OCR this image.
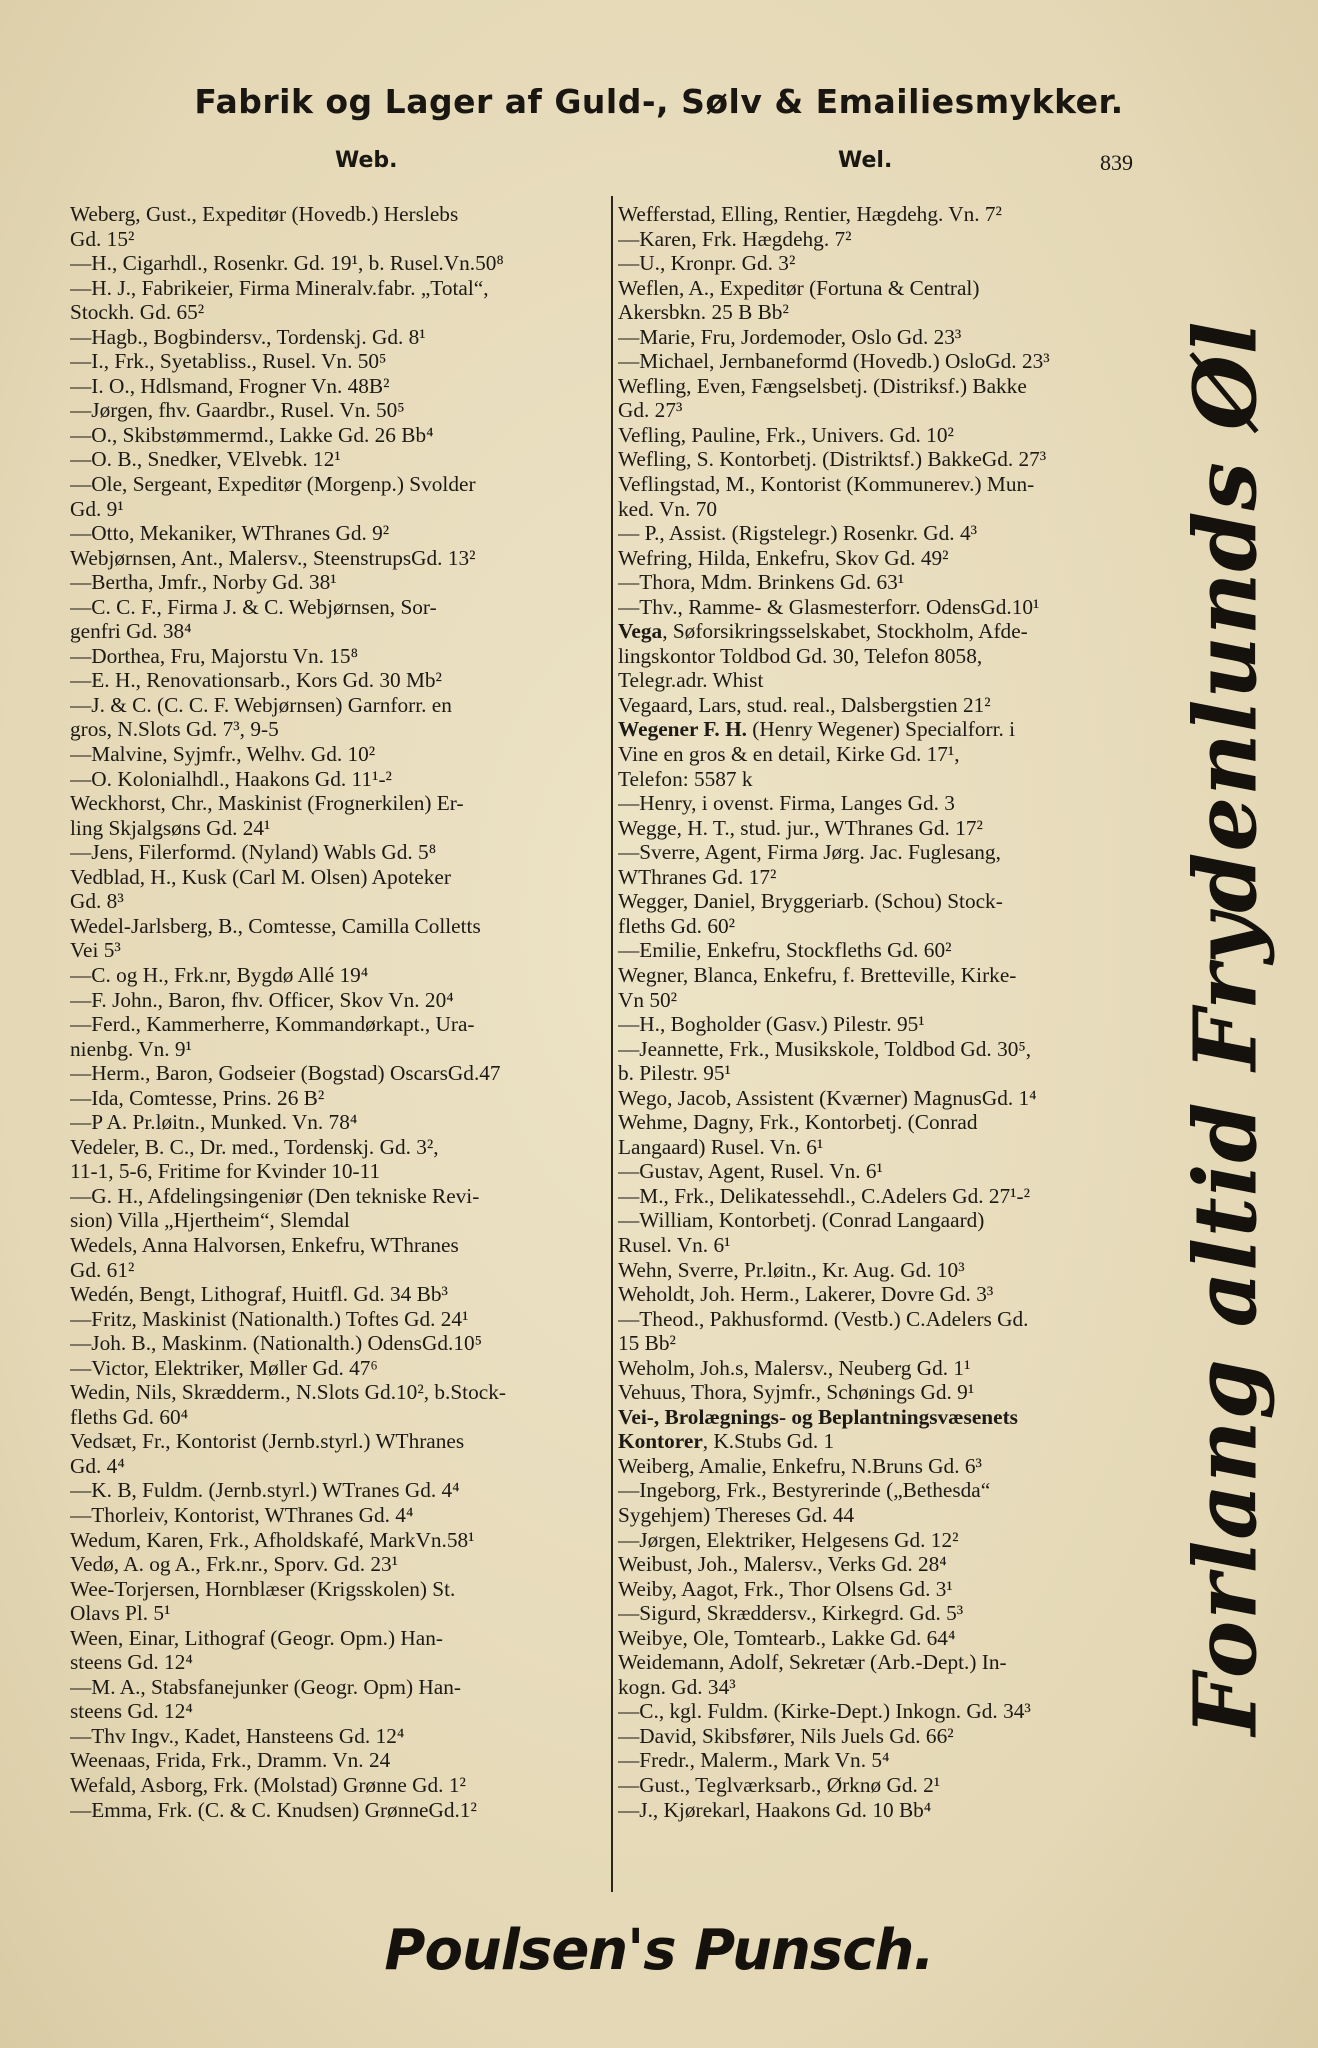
Fabrik og Lager af Guld-, Sølv & Emailiesmykker.
Web.	Wel.	839
Weberg, Gust., Expeditør (Hovedb.) Herslebs
Gd. 15²
—H., Cigarhdl., Rosenkr. Gd. 19¹, b. Rusel.Vn.50⁸
—H. J., Fabrikeier, Firma Mineralv.fabr. „Total“,
Stockh. Gd. 65²
—Hagb., Bogbindersv., Tordenskj. Gd. 8¹
—I., Frk., Syetabliss., Rusel. Vn. 50⁵
—I. O., Hdlsmand, Frogner Vn. 48B²
—Jørgen, fhv. Gaardbr., Rusel. Vn. 50⁵
—O., Skibstømmermd., Lakke Gd. 26 Bb⁴
—O. B., Snedker, VElvebk. 12¹
—Ole, Sergeant, Expeditør (Morgenp.) Svolder
Gd. 9¹
—Otto, Mekaniker, WThranes Gd. 9²
Webjørnsen, Ant., Malersv., SteenstrupsGd. 13²
—Bertha, Jmfr., Norby Gd. 38¹
—C. C. F., Firma J. & C. Webjørnsen, Sor-
genfri Gd. 38⁴
—Dorthea, Fru, Majorstu Vn. 15⁸
—E. H., Renovationsarb., Kors Gd. 30 Mb²
—J. & C. (C. C. F. Webjørnsen) Garnforr. en
gros, N.Slots Gd. 7³, 9-5
—Malvine, Syjmfr., Welhv. Gd. 10²
—O. Kolonialhdl., Haakons Gd. 11¹-²
Weckhorst, Chr., Maskinist (Frognerkilen) Er-
ling Skjalgsøns Gd. 24¹
—Jens, Filerformd. (Nyland) Wabls Gd. 5⁸
Vedblad, H., Kusk (Carl M. Olsen) Apoteker
Gd. 8³
Wedel-Jarlsberg, B., Comtesse, Camilla Colletts
Vei 5³
—C. og H., Frk.nr, Bygdø Allé 19⁴
—F. John., Baron, fhv. Officer, Skov Vn. 20⁴
—Ferd., Kammerherre, Kommandørkapt., Ura-
nienbg. Vn. 9¹
—Herm., Baron, Godseier (Bogstad) OscarsGd.47
—Ida, Comtesse, Prins. 26 B²
—P A. Pr.løitn., Munked. Vn. 78⁴
Vedeler, B. C., Dr. med., Tordenskj. Gd. 3²,
11-1, 5-6, Fritime for Kvinder 10-11
—G. H., Afdelingsingeniør (Den tekniske Revi-
sion) Villa „Hjertheim“, Slemdal
Wedels, Anna Halvorsen, Enkefru, WThranes
Gd. 61²
Wedén, Bengt, Lithograf, Huitfl. Gd. 34 Bb³
—Fritz, Maskinist (Nationalth.) Toftes Gd. 24¹
—Joh. B., Maskinm. (Nationalth.) OdensGd.10⁵
—Victor, Elektriker, Møller Gd. 47⁶
Wedin, Nils, Skrædderm., N.Slots Gd.10², b.Stock-
fleths Gd. 60⁴
Vedsæt, Fr., Kontorist (Jernb.styrl.) WThranes
Gd. 4⁴
—K. B, Fuldm. (Jernb.styrl.) WTranes Gd. 4⁴
—Thorleiv, Kontorist, WThranes Gd. 4⁴
Wedum, Karen, Frk., Afholdskafé, MarkVn.58¹
Vedø, A. og A., Frk.nr., Sporv. Gd. 23¹
Wee-Torjersen, Hornblæser (Krigsskolen) St.
Olavs Pl. 5¹
Ween, Einar, Lithograf (Geogr. Opm.) Han-
steens Gd. 12⁴
—M. A., Stabsfanejunker (Geogr. Opm) Han-
steens Gd. 12⁴
—Thv Ingv., Kadet, Hansteens Gd. 12⁴
Weenaas, Frida, Frk., Dramm. Vn. 24
Wefald, Asborg, Frk. (Molstad) Grønne Gd. 1²
—Emma, Frk. (C. & C. Knudsen) GrønneGd.1²
Wefferstad, Elling, Rentier, Hægdehg. Vn. 7²
—Karen, Frk. Hægdehg. 7²
—U., Kronpr. Gd. 3²
Weflen, A., Expeditør (Fortuna & Central)
Akersbkn. 25 B Bb²
—Marie, Fru, Jordemoder, Oslo Gd. 23³
—Michael, Jernbaneformd (Hovedb.) OsloGd. 23³
Wefling, Even, Fængselsbetj. (Distriksf.) Bakke
Gd. 27³
Vefling, Pauline, Frk., Univers. Gd. 10²
Wefling, S. Kontorbetj. (Distriktsf.) BakkeGd. 27³
Veflingstad, M., Kontorist (Kommunerev.) Mun-
ked. Vn. 70
— P., Assist. (Rigstelegr.) Rosenkr. Gd. 4³
Wefring, Hilda, Enkefru, Skov Gd. 49²
—Thora, Mdm. Brinkens Gd. 63¹
—Thv., Ramme- & Glasmesterforr. OdensGd.10¹
Vega, Søforsikringsselskabet, Stockholm, Afde-
lingskontor Toldbod Gd. 30, Telefon 8058,
Telegr.adr. Whist
Vegaard, Lars, stud. real., Dalsbergstien 21²
Wegener F. H. (Henry Wegener) Specialforr. i
Vine en gros & en detail, Kirke Gd. 17¹,
Telefon: 5587 k
—Henry, i ovenst. Firma, Langes Gd. 3
Wegge, H. T., stud. jur., WThranes Gd. 17²
—Sverre, Agent, Firma Jørg. Jac. Fuglesang,
WThranes Gd. 17²
Wegger, Daniel, Bryggeriarb. (Schou) Stock-
fleths Gd. 60²
—Emilie, Enkefru, Stockfleths Gd. 60²
Wegner, Blanca, Enkefru, f. Bretteville, Kirke-
Vn 50²
—H., Bogholder (Gasv.) Pilestr. 95¹
—Jeannette, Frk., Musikskole, Toldbod Gd. 30⁵,
b. Pilestr. 95¹
Wego, Jacob, Assistent (Kværner) MagnusGd. 1⁴
Wehme, Dagny, Frk., Kontorbetj. (Conrad
Langaard) Rusel. Vn. 6¹
—Gustav, Agent, Rusel. Vn. 6¹
—M., Frk., Delikatessehdl., C.Adelers Gd. 27¹-²
—William, Kontorbetj. (Conrad Langaard)
Rusel. Vn. 6¹
Wehn, Sverre, Pr.løitn., Kr. Aug. Gd. 10³
Weholdt, Joh. Herm., Lakerer, Dovre Gd. 3³
—Theod., Pakhusformd. (Vestb.) C.Adelers Gd.
15 Bb²
Weholm, Joh.s, Malersv., Neuberg Gd. 1¹
Vehuus, Thora, Syjmfr., Schønings Gd. 9¹
Vei-, Brolægnings- og Beplantningsvæsenets
Kontorer, K.Stubs Gd. 1
Weiberg, Amalie, Enkefru, N.Bruns Gd. 6³
—Ingeborg, Frk., Bestyrerinde („Bethesda“
Sygehjem) Thereses Gd. 44
—Jørgen, Elektriker, Helgesens Gd. 12²
Weibust, Joh., Malersv., Verks Gd. 28⁴
Weiby, Aagot, Frk., Thor Olsens Gd. 3¹
—Sigurd, Skræddersv., Kirkegrd. Gd. 5³
Weibye, Ole, Tomtearb., Lakke Gd. 64⁴
Weidemann, Adolf, Sekretær (Arb.-Dept.) In-
kogn. Gd. 34³
—C., kgl. Fuldm. (Kirke-Dept.) Inkogn. Gd. 34³
—David, Skibsfører, Nils Juels Gd. 66²
—Fredr., Malerm., Mark Vn. 5⁴
—Gust., Teglværksarb., Ørknø Gd. 2¹
—J., Kjørekarl, Haakons Gd. 10 Bb⁴
Forlang altid Frydenlunds Øl
Poulsen's Punsch.
